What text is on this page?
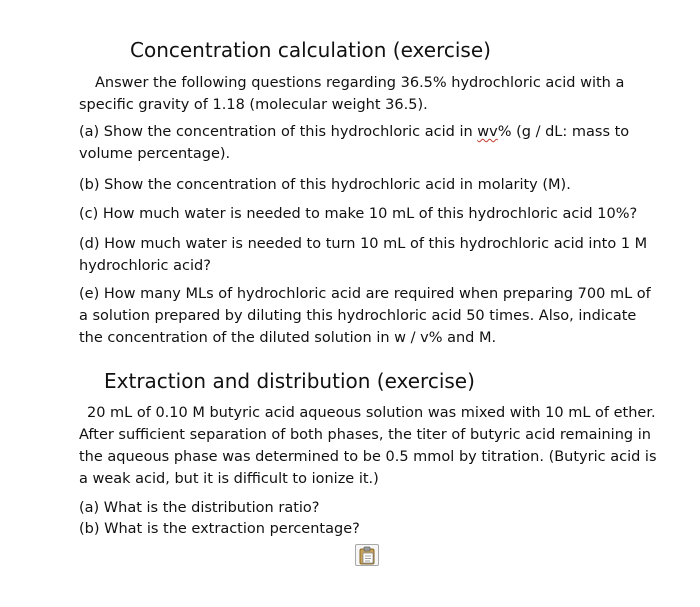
Concentration calculation (exercise)

Answer the following questions regarding 36.5% hydrochloric acid with a specific gravity of 1.18 (molecular weight 36.5).

(a) Show the concentration of this hydrochloric acid in wv% (g / dL: mass to volume percentage).

(b) Show the concentration of this hydrochloric acid in molarity (M).

(c) How much water is needed to make 10 mL of this hydrochloric acid 10%?

(d) How much water is needed to turn 10 mL of this hydrochloric acid into 1 M hydrochloric acid?

(e) How many MLs of hydrochloric acid are required when preparing 700 mL of a solution prepared by diluting this hydrochloric acid 50 times. Also, indicate the concentration of the diluted solution in w / v% and M.

Extraction and distribution (exercise)

20 mL of 0.10 M butyric acid aqueous solution was mixed with 10 mL of ether. After sufficient separation of both phases, the titer of butyric acid remaining in the aqueous phase was determined to be 0.5 mmol by titration. (Butyric acid is a weak acid, but it is difficult to ionize it.)

(a) What is the distribution ratio?

(b) What is the extraction percentage?
